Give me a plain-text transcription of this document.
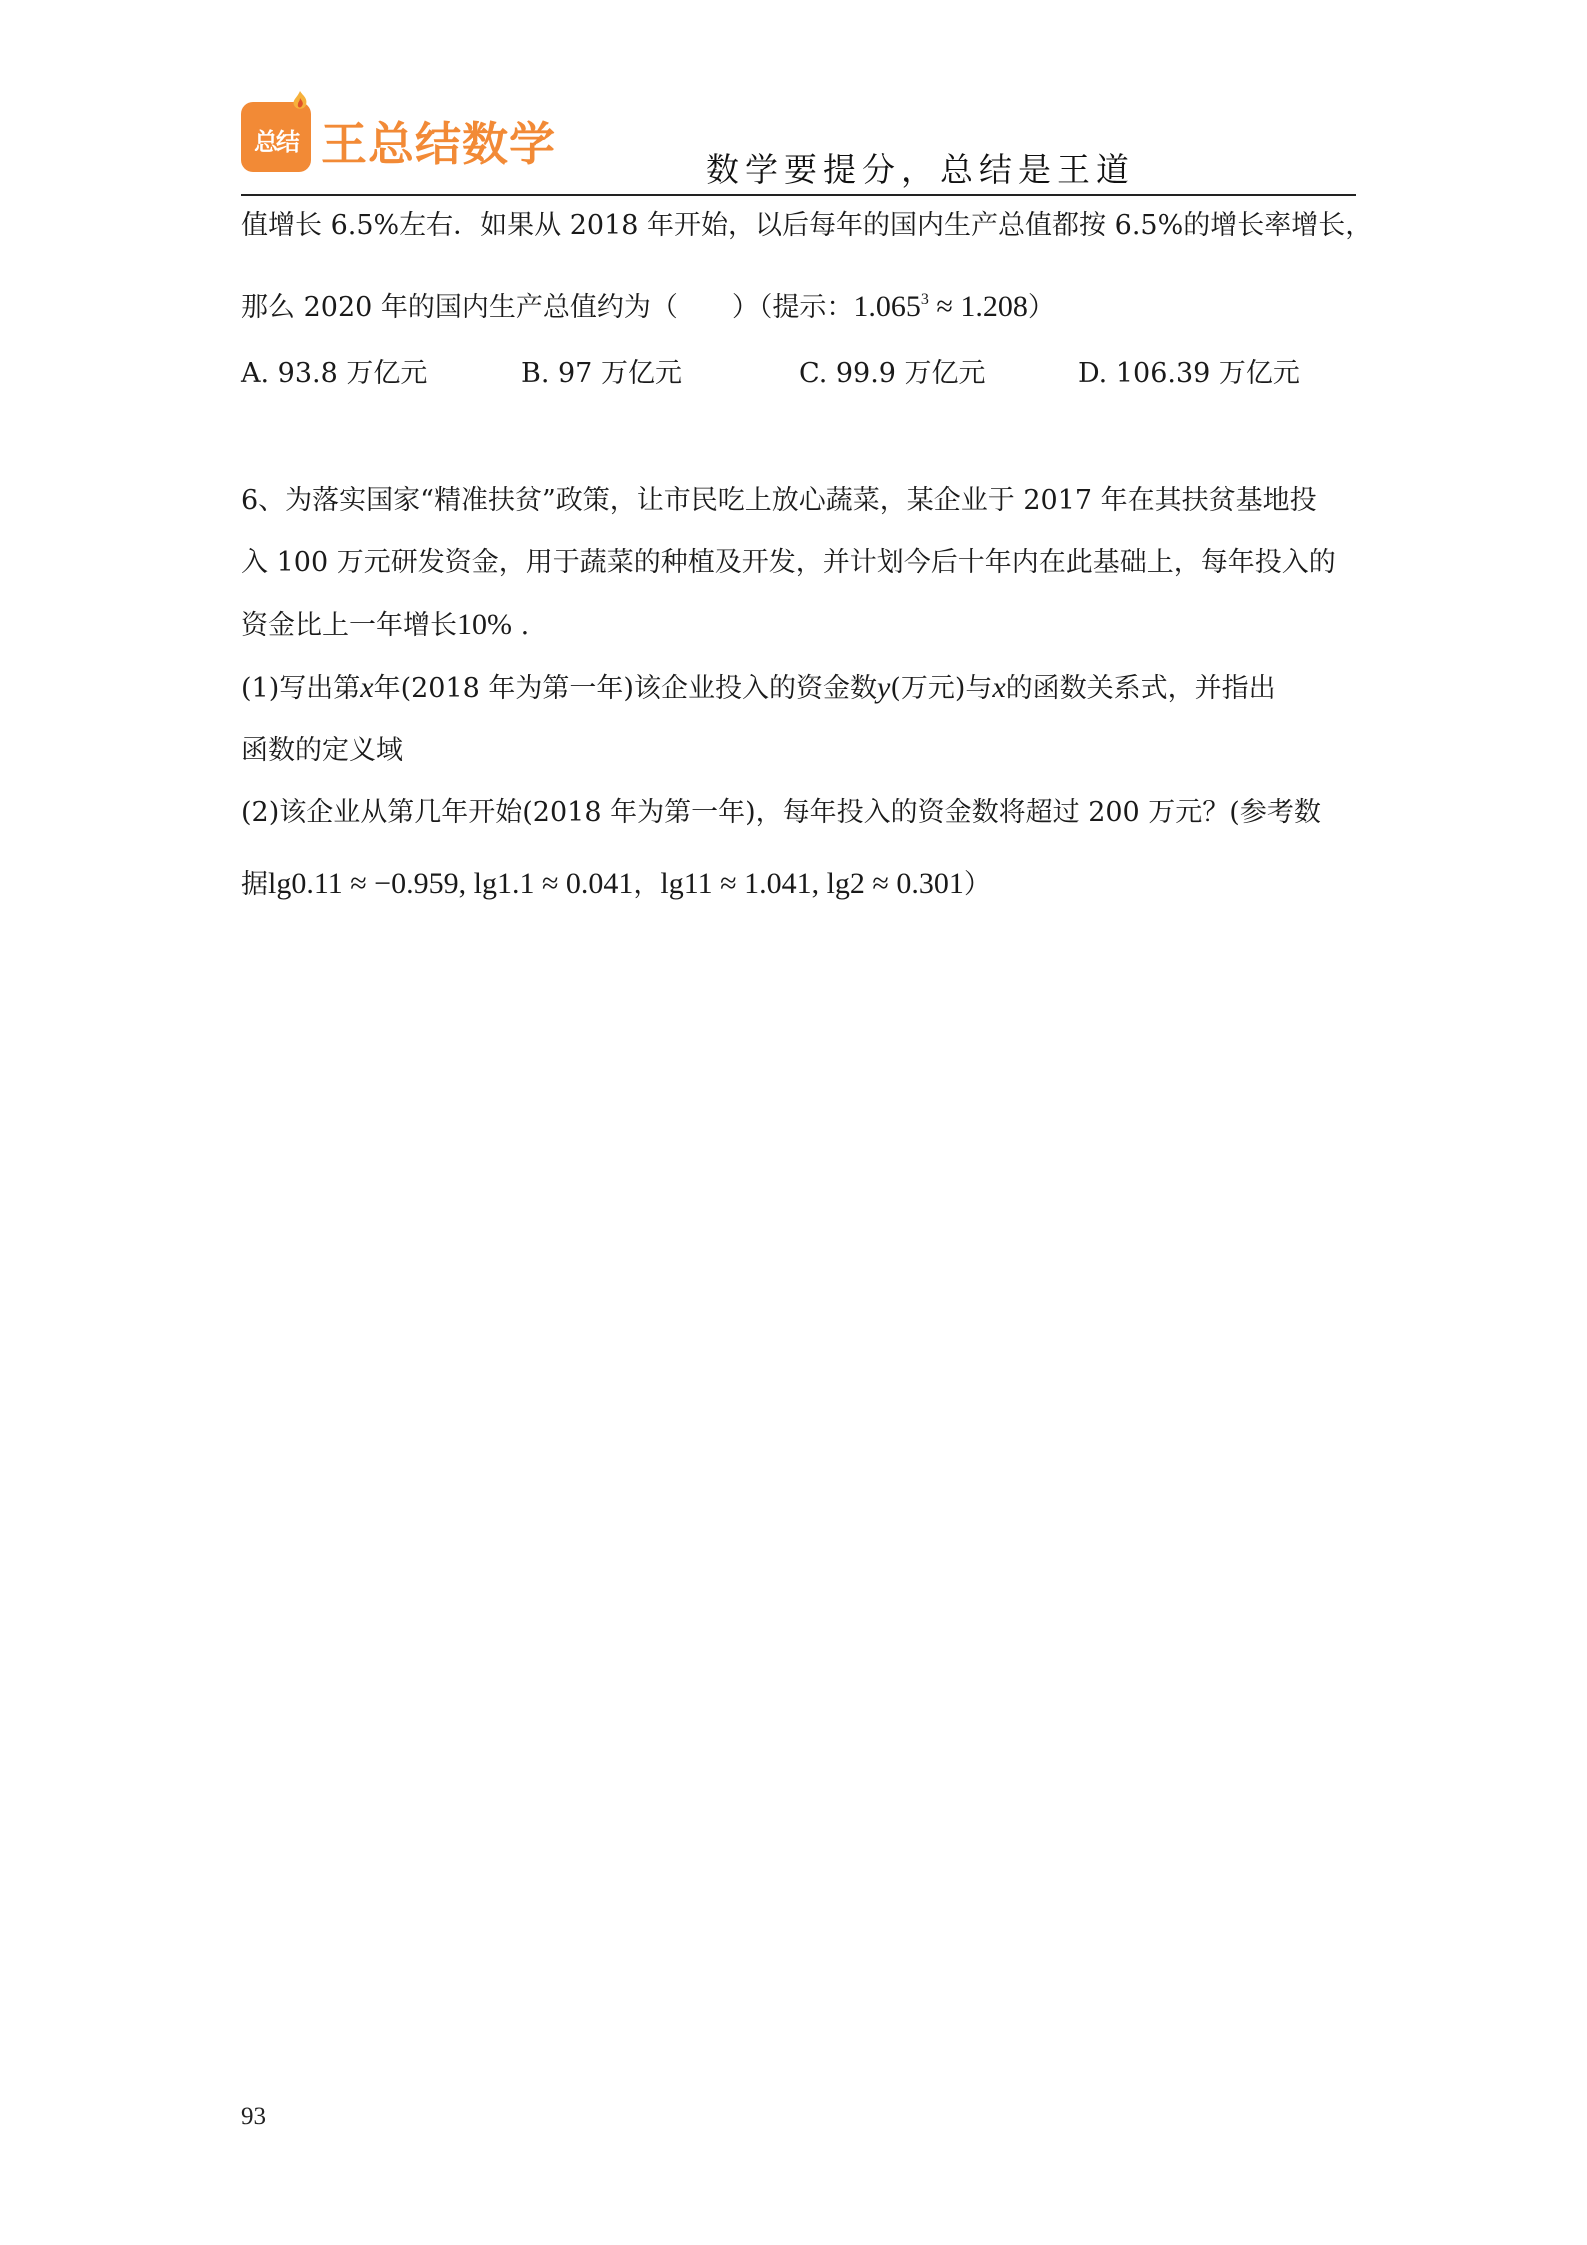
总结 王总结数学	数学要提分，总结是王道
值增长 6.5%左右．如果从 2018 年开始，以后每年的国内生产总值都按 6.5%的增长率增长，
那么 2020 年的国内生产总值约为（　　）（提示：$1.065^3 \approx 1.208$）
A. 93.8 万亿元	B. 97 万亿元	C. 99.9 万亿元	D. 106.39 万亿元
6、为落实国家“精准扶贫”政策，让市民吃上放心蔬菜，某企业于 2017 年在其扶贫基地投
入 100 万元研发资金，用于蔬菜的种植及开发，并计划今后十年内在此基础上，每年投入的
资金比上一年增长10% .
(1)写出第x年(2018 年为第一年)该企业投入的资金数y(万元)与x的函数关系式，并指出
函数的定义域
(2)该企业从第几年开始(2018 年为第一年)，每年投入的资金数将超过 200 万元？(参考数
据lg0.11 ≈ −0.959, lg1.1 ≈ 0.041，lg11 ≈ 1.041, lg2 ≈ 0.301）
93
